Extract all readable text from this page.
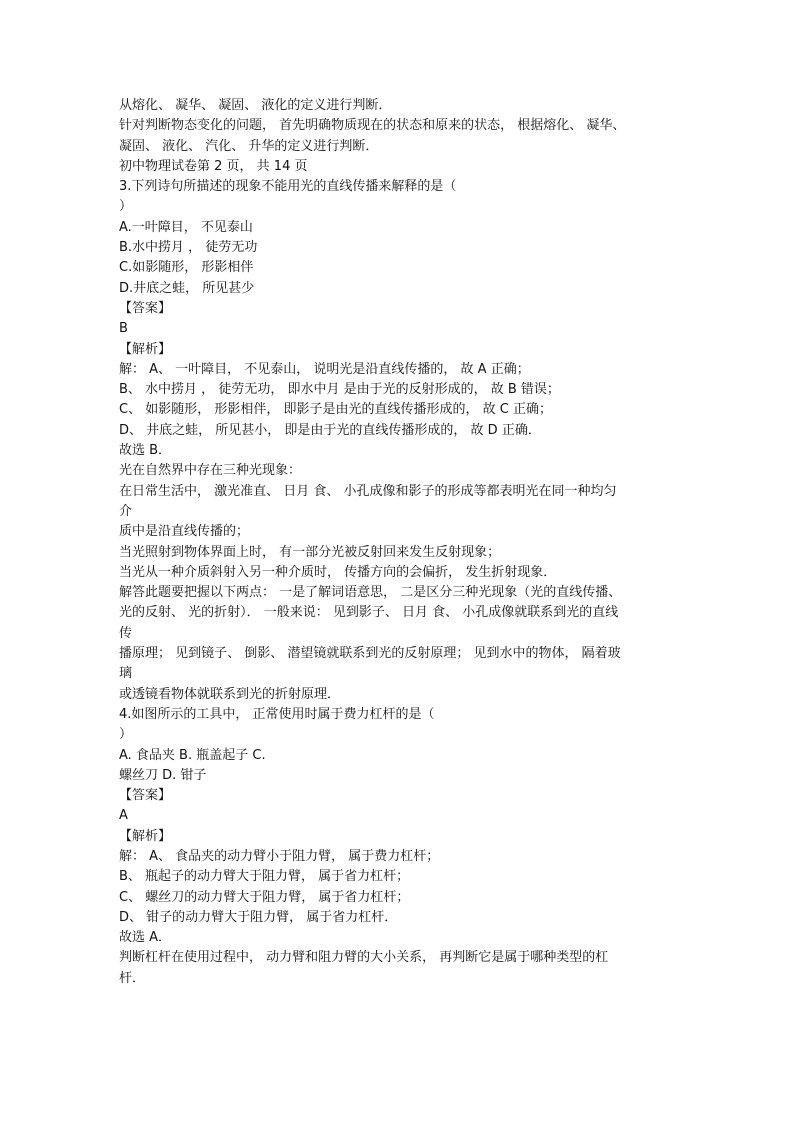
从熔化、 凝华、 凝固、 液化的定义进行判断．
针对判断物态变化的问题， 首先明确物质现在的状态和原来的状态， 根据熔化、 凝华、
凝固、 液化、 汽化、 升华的定义进行判断．
初中物理试卷第 2 页， 共 14 页
3.下列诗句所描述的现象不能用光的直线传播来解释的是（
）
A.一叶障目， 不见泰山
B.水中捞月 ， 徒劳无功
C.如影随形， 形影相伴
D.井底之蛙， 所见甚少
【答案】
B
【解析】
解： A、 一叶障目， 不见泰山， 说明光是沿直线传播的， 故 A 正确；
B、 水中捞月 ， 徒劳无功， 即水中月 是由于光的反射形成的， 故 B 错误；
C、 如影随形， 形影相伴， 即影子是由光的直线传播形成的， 故 C 正确；
D、 井底之蛙， 所见甚小， 即是由于光的直线传播形成的， 故 D 正确．
故选 B．
光在自然界中存在三种光现象：
在日常生活中， 激光准直、 日月 食、 小孔成像和影子的形成等都表明光在同一种均匀
介
质中是沿直线传播的；
当光照射到物体界面上时， 有一部分光被反射回来发生反射现象；
当光从一种介质斜射入另一种介质时， 传播方向的会偏折， 发生折射现象．
解答此题要把握以下两点： 一是了解词语意思， 二是区分三种光现象（光的直线传播、
光的反射、 光的折射）． 一般来说： 见到影子、 日月 食、 小孔成像就联系到光的直线
传
播原理； 见到镜子、 倒影、 潜望镜就联系到光的反射原理； 见到水中的物体， 隔着玻
璃
或透镜看物体就联系到光的折射原理．
4.如图所示的工具中， 正常使用时属于费力杠杆的是（
）
A. 食品夹 B. 瓶盖起子 C.
螺丝刀 D. 钳子
【答案】
A
【解析】
解： A、 食品夹的动力臂小于阻力臂， 属于费力杠杆；
B、 瓶起子的动力臂大于阻力臂， 属于省力杠杆；
C、 螺丝刀的动力臂大于阻力臂， 属于省力杠杆；
D、 钳子的动力臂大于阻力臂， 属于省力杠杆．
故选 A．
判断杠杆在使用过程中， 动力臂和阻力臂的大小关系， 再判断它是属于哪种类型的杠
杆．
